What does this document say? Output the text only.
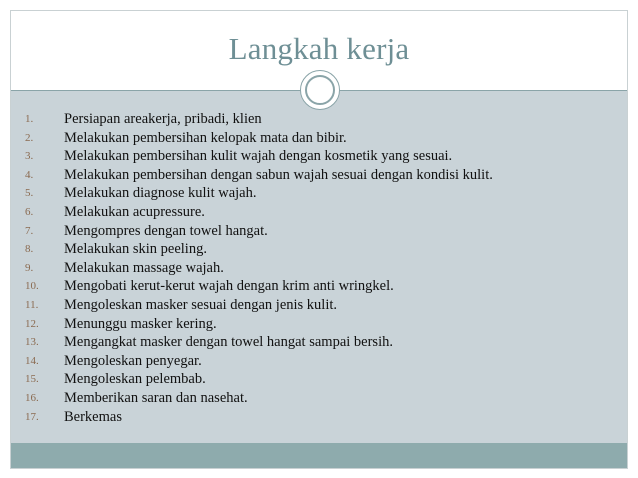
Langkah kerja
1. Persiapan areakerja, pribadi, klien
2. Melakukan pembersihan kelopak mata dan bibir.
3. Melakukan pembersihan kulit wajah dengan kosmetik yang sesuai.
4. Melakukan pembersihan dengan sabun wajah sesuai dengan kondisi kulit.
5. Melakukan diagnose kulit wajah.
6. Melakukan acupressure.
7. Mengompres dengan towel hangat.
8. Melakukan skin peeling.
9. Melakukan massage wajah.
10. Mengobati kerut-kerut wajah dengan krim anti wringkel.
11. Mengoleskan masker sesuai dengan jenis kulit.
12. Menunggu masker kering.
13. Mengangkat masker dengan towel hangat sampai bersih.
14. Mengoleskan penyegar.
15. Mengoleskan pelembab.
16. Memberikan saran dan nasehat.
17. Berkemas
